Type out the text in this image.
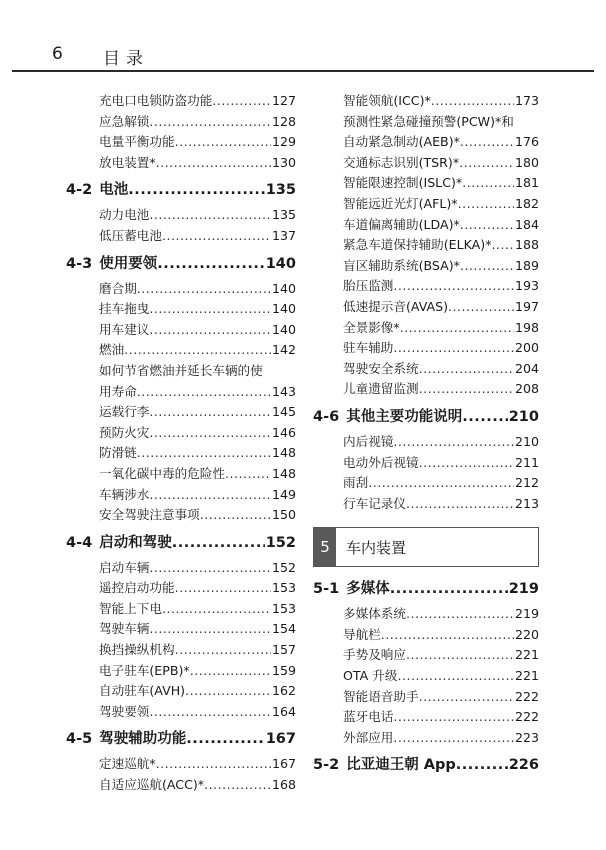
6 目录
充电口电锁防盗功能 .....	127
应急解锁 .....	128
电量平衡功能 .....	129
放电装置* .....	130
4-2 电池 .....	135
动力电池 .....	135
低压蓄电池 .....	137
4-3 使用要领 .....	140
磨合期 .....	140
挂车拖曳 .....	140
用车建议 .....	140
燃油 .....	142
如何节省燃油并延长车辆的使
用寿命 .....	143
运载行李 .....	145
预防火灾 .....	146
防滑链 .....	148
一氧化碳中毒的危险性 .....	148
车辆涉水 .....	149
安全驾驶注意事项 .....	150
4-4 启动和驾驶 .....	152
启动车辆 .....	152
遥控启动功能 .....	153
智能上下电 .....	153
驾驶车辆 .....	154
换挡操纵机构 .....	157
电子驻车(EPB)* .....	159
自动驻车(AVH) .....	162
驾驶要领 .....	164
4-5 驾驶辅助功能 .....	167
定速巡航* .....	167
自适应巡航(ACC)* .....	168
智能领航(ICC)* .....	173
预测性紧急碰撞预警(PCW)*和
自动紧急制动(AEB)* .....	176
交通标志识别(TSR)* .....	180
智能限速控制(ISLC)* .....	181
智能远近光灯(AFL)* .....	182
车道偏离辅助(LDA)* .....	184
紧急车道保持辅助(ELKA)* ..... 188
盲区辅助系统(BSA)* .....	189
胎压监测 .....	193
低速提示音(AVAS) .....	197
全景影像* .....	198
驻车辅助 .....	200
驾驶安全系统 .....	204
儿童遗留监测 .....	208
4-6 其他主要功能说明 .....	210
内后视镜 .....	210
电动外后视镜 .....	211
雨刮 .....	212
行车记录仪 .....	213
5	车内装置
5-1 多媒体 .....	219
多媒体系统 .....	219
导航栏 .....	220
手势及响应 .....	221
OTA 升级 .....	221
智能语音助手 .....	222
蓝牙电话 .....	222
外部应用 .....	223
5-2 比亚迪王朝 App .....	226
